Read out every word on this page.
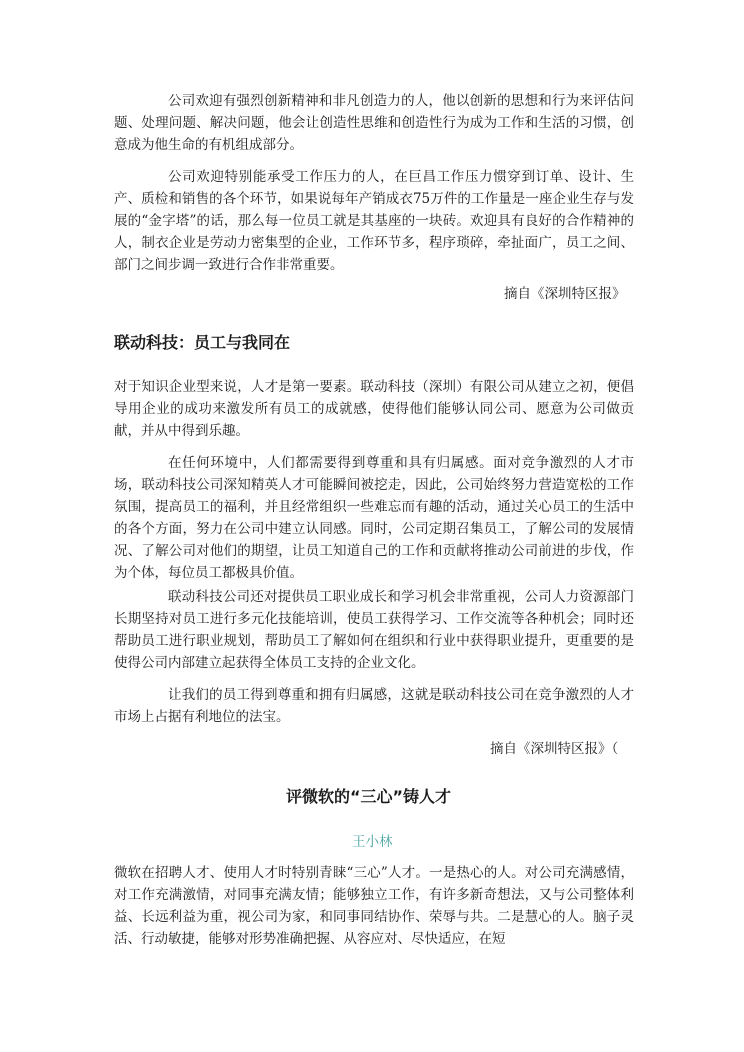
公司欢迎有强烈创新精神和非凡创造力的人，他以创新的思想和行为来评估问题、处理问题、解决问题，他会让创造性思维和创造性行为成为工作和生活的习惯，创意成为他生命的有机组成部分。

公司欢迎特别能承受工作压力的人，在巨昌工作压力惯穿到订单、设计、生产、质检和销售的各个环节，如果说每年产销成衣75万件的工作量是一座企业生存与发展的“金字塔”的话，那么每一位员工就是其基座的一块砖。欢迎具有良好的合作精神的人，制衣企业是劳动力密集型的企业，工作环节多，程序琐碎，牵扯面广，员工之间、部门之间步调一致进行合作非常重要。

摘自《深圳特区报》
联动科技：员工与我同在

对于知识企业型来说，人才是第一要素。联动科技（深圳）有限公司从建立之初，便倡导用企业的成功来激发所有员工的成就感，使得他们能够认同公司、愿意为公司做贡献，并从中得到乐趣。

在任何环境中，人们都需要得到尊重和具有归属感。面对竞争激烈的人才市场，联动科技公司深知精英人才可能瞬间被挖走，因此，公司始终努力营造宽松的工作氛围，提高员工的福利，并且经常组织一些难忘而有趣的活动，通过关心员工的生活中的各个方面，努力在公司中建立认同感。同时，公司定期召集员工，了解公司的发展情况、了解公司对他们的期望，让员工知道自己的工作和贡献将推动公司前进的步伐，作为个体，每位员工都极具价值。

联动科技公司还对提供员工职业成长和学习机会非常重视，公司人力资源部门长期坚持对员工进行多元化技能培训，使员工获得学习、工作交流等各种机会；同时还帮助员工进行职业规划，帮助员工了解如何在组织和行业中获得职业提升，更重要的是使得公司内部建立起获得全体员工支持的企业文化。

让我们的员工得到尊重和拥有归属感，这就是联动科技公司在竞争激烈的人才市场上占据有利地位的法宝。

摘自《深圳特区报》（
评微软的“三心”铸人才
王小林

微软在招聘人才、使用人才时特别青睐“三心”人才。一是热心的人。对公司充满感情，对工作充满激情，对同事充满友情；能够独立工作，有许多新奇想法，又与公司整体利益、长远利益为重，视公司为家，和同事同结协作、荣辱与共。二是慧心的人。脑子灵活、行动敏捷，能够对形势准确把握、从容应对、尽快适应，在短
